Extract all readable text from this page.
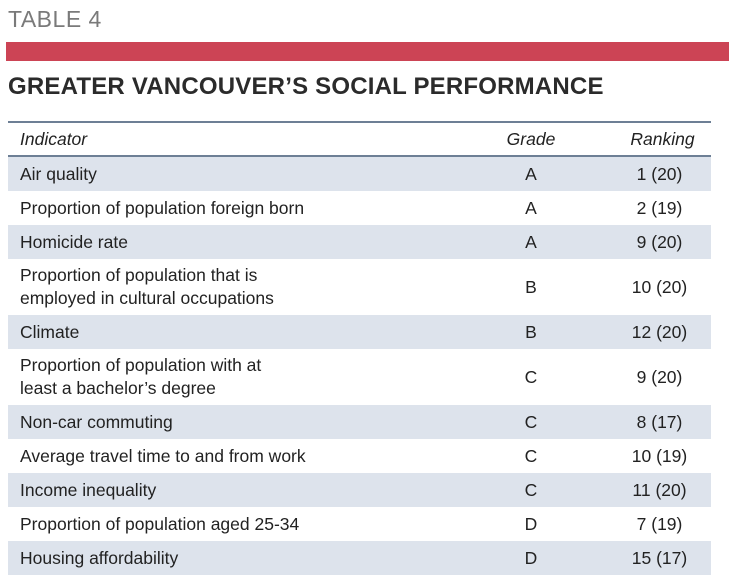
TABLE 4
GREATER VANCOUVER’S SOCIAL PERFORMANCE
Indicator	Grade	Ranking
Air quality	A	1 (20)
Proportion of population foreign born	A	2 (19)
Homicide rate	A	9 (20)
Proportion of population that is
employed in cultural occupations
B	10 (20)
Climate	B	12 (20)
Proportion of population with at
least a bachelor’s degree
C	9 (20)
Non-car commuting	C	8 (17)
Average travel time to and from work	C	10 (19)
Income inequality	C	11 (20)
Proportion of population aged 25-34	D	7 (19)
Housing affordability	D	15 (17)
